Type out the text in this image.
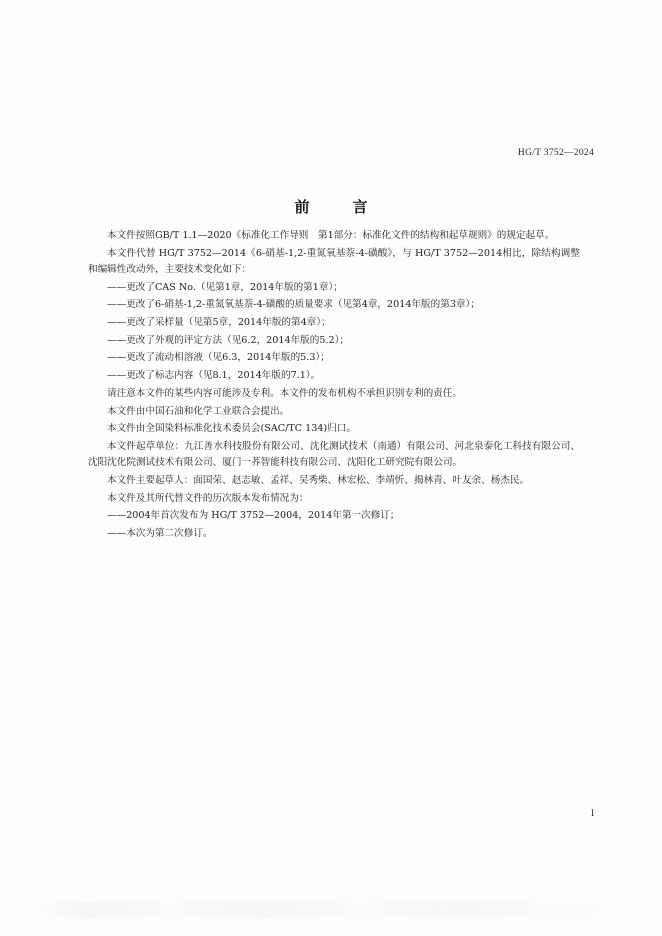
HG/T 3752—2024
前　言

本文件按照GB/T 1.1—2020《标准化工作导则　第1部分：标准化文件的结构和起草规则》的规定起草。

本文件代替 HG/T 3752—2014《6-硝基-1,2-重氮氧基萘-4-磺酸》，与 HG/T 3752—2014相比，除结构调整和编辑性改动外，主要技术变化如下：

——更改了CAS No.（见第1章，2014年版的第1章）；

——更改了6-硝基-1,2-重氮氧基萘-4-磺酸的质量要求（见第4章，2014年版的第3章）；

——更改了采样量（见第5章，2014年版的第4章）；

——更改了外观的评定方法（见6.2，2014年版的5.2）；

——更改了流动相溶液（见6.3，2014年版的5.3）；

——更改了标志内容（见8.1，2014年版的7.1）。

请注意本文件的某些内容可能涉及专利。本文件的发布机构不承担识别专利的责任。

本文件由中国石油和化学工业联合会提出。

本文件由全国染料标准化技术委员会(SAC/TC 134)归口。

本文件起草单位：九江善水科技股份有限公司、沈化测试技术（南通）有限公司、河北泉泰化工科技有限公司、沈阳沈化院测试技术有限公司、厦门一荞智能科技有限公司、沈阳化工研究院有限公司。

本文件主要起草人：面国荣、赵志敏、孟祥、吴秀柴、林宏松、李靖忻、揭林青、叶友余、杨杰民。

本文件及其所代替文件的历次版本发布情况为：

——2004年首次发布为 HG/T 3752—2004，2014年第一次修订；

——本次为第二次修订。

I
